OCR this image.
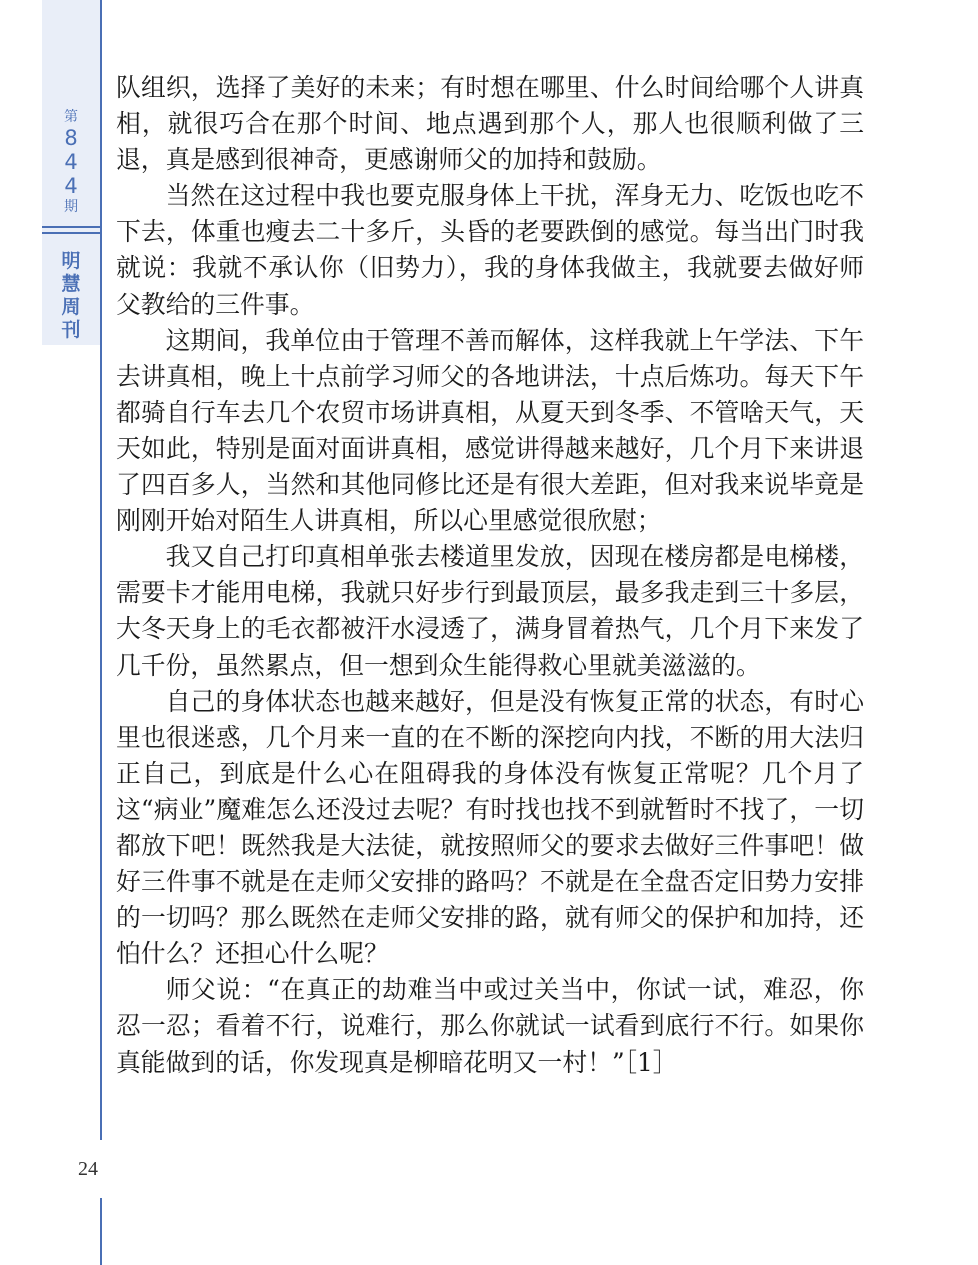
第
8
4
4
期
明
慧
周
刊
24

队组织，选择了美好的未来；有时想在哪里、什么时间给哪个人讲真相，就很巧合在那个时间、地点遇到那个人，那人也很顺利做了三退，真是感到很神奇，更感谢师父的加持和鼓励。

当然在这过程中我也要克服身体上干扰，浑身无力、吃饭也吃不下去，体重也瘦去二十多斤，头昏的老要跌倒的感觉。每当出门时我就说：我就不承认你（旧势力），我的身体我做主，我就要去做好师父教给的三件事。

这期间，我单位由于管理不善而解体，这样我就上午学法、下午去讲真相，晚上十点前学习师父的各地讲法，十点后炼功。每天下午都骑自行车去几个农贸市场讲真相，从夏天到冬季、不管啥天气，天天如此，特别是面对面讲真相，感觉讲得越来越好，几个月下来讲退了四百多人，当然和其他同修比还是有很大差距，但对我来说毕竟是刚刚开始对陌生人讲真相，所以心里感觉很欣慰；

我又自己打印真相单张去楼道里发放，因现在楼房都是电梯楼，需要卡才能用电梯，我就只好步行到最顶层，最多我走到三十多层，大冬天身上的毛衣都被汗水浸透了，满身冒着热气，几个月下来发了几千份，虽然累点，但一想到众生能得救心里就美滋滋的。

自己的身体状态也越来越好，但是没有恢复正常的状态，有时心里也很迷惑，几个月来一直的在不断的深挖向内找，不断的用大法归正自己，到底是什么心在阻碍我的身体没有恢复正常呢？几个月了这“病业”魔难怎么还没过去呢？有时找也找不到就暂时不找了，一切都放下吧！既然我是大法徒，就按照师父的要求去做好三件事吧！做好三件事不就是在走师父安排的路吗？不就是在全盘否定旧势力安排的一切吗？那么既然在走师父安排的路，就有师父的保护和加持，还怕什么？还担心什么呢？

师父说：“在真正的劫难当中或过关当中，你试一试，难忍，你忍一忍；看着不行，说难行，那么你就试一试看到底行不行。如果你真能做到的话，你发现真是柳暗花明又一村！”［1］
